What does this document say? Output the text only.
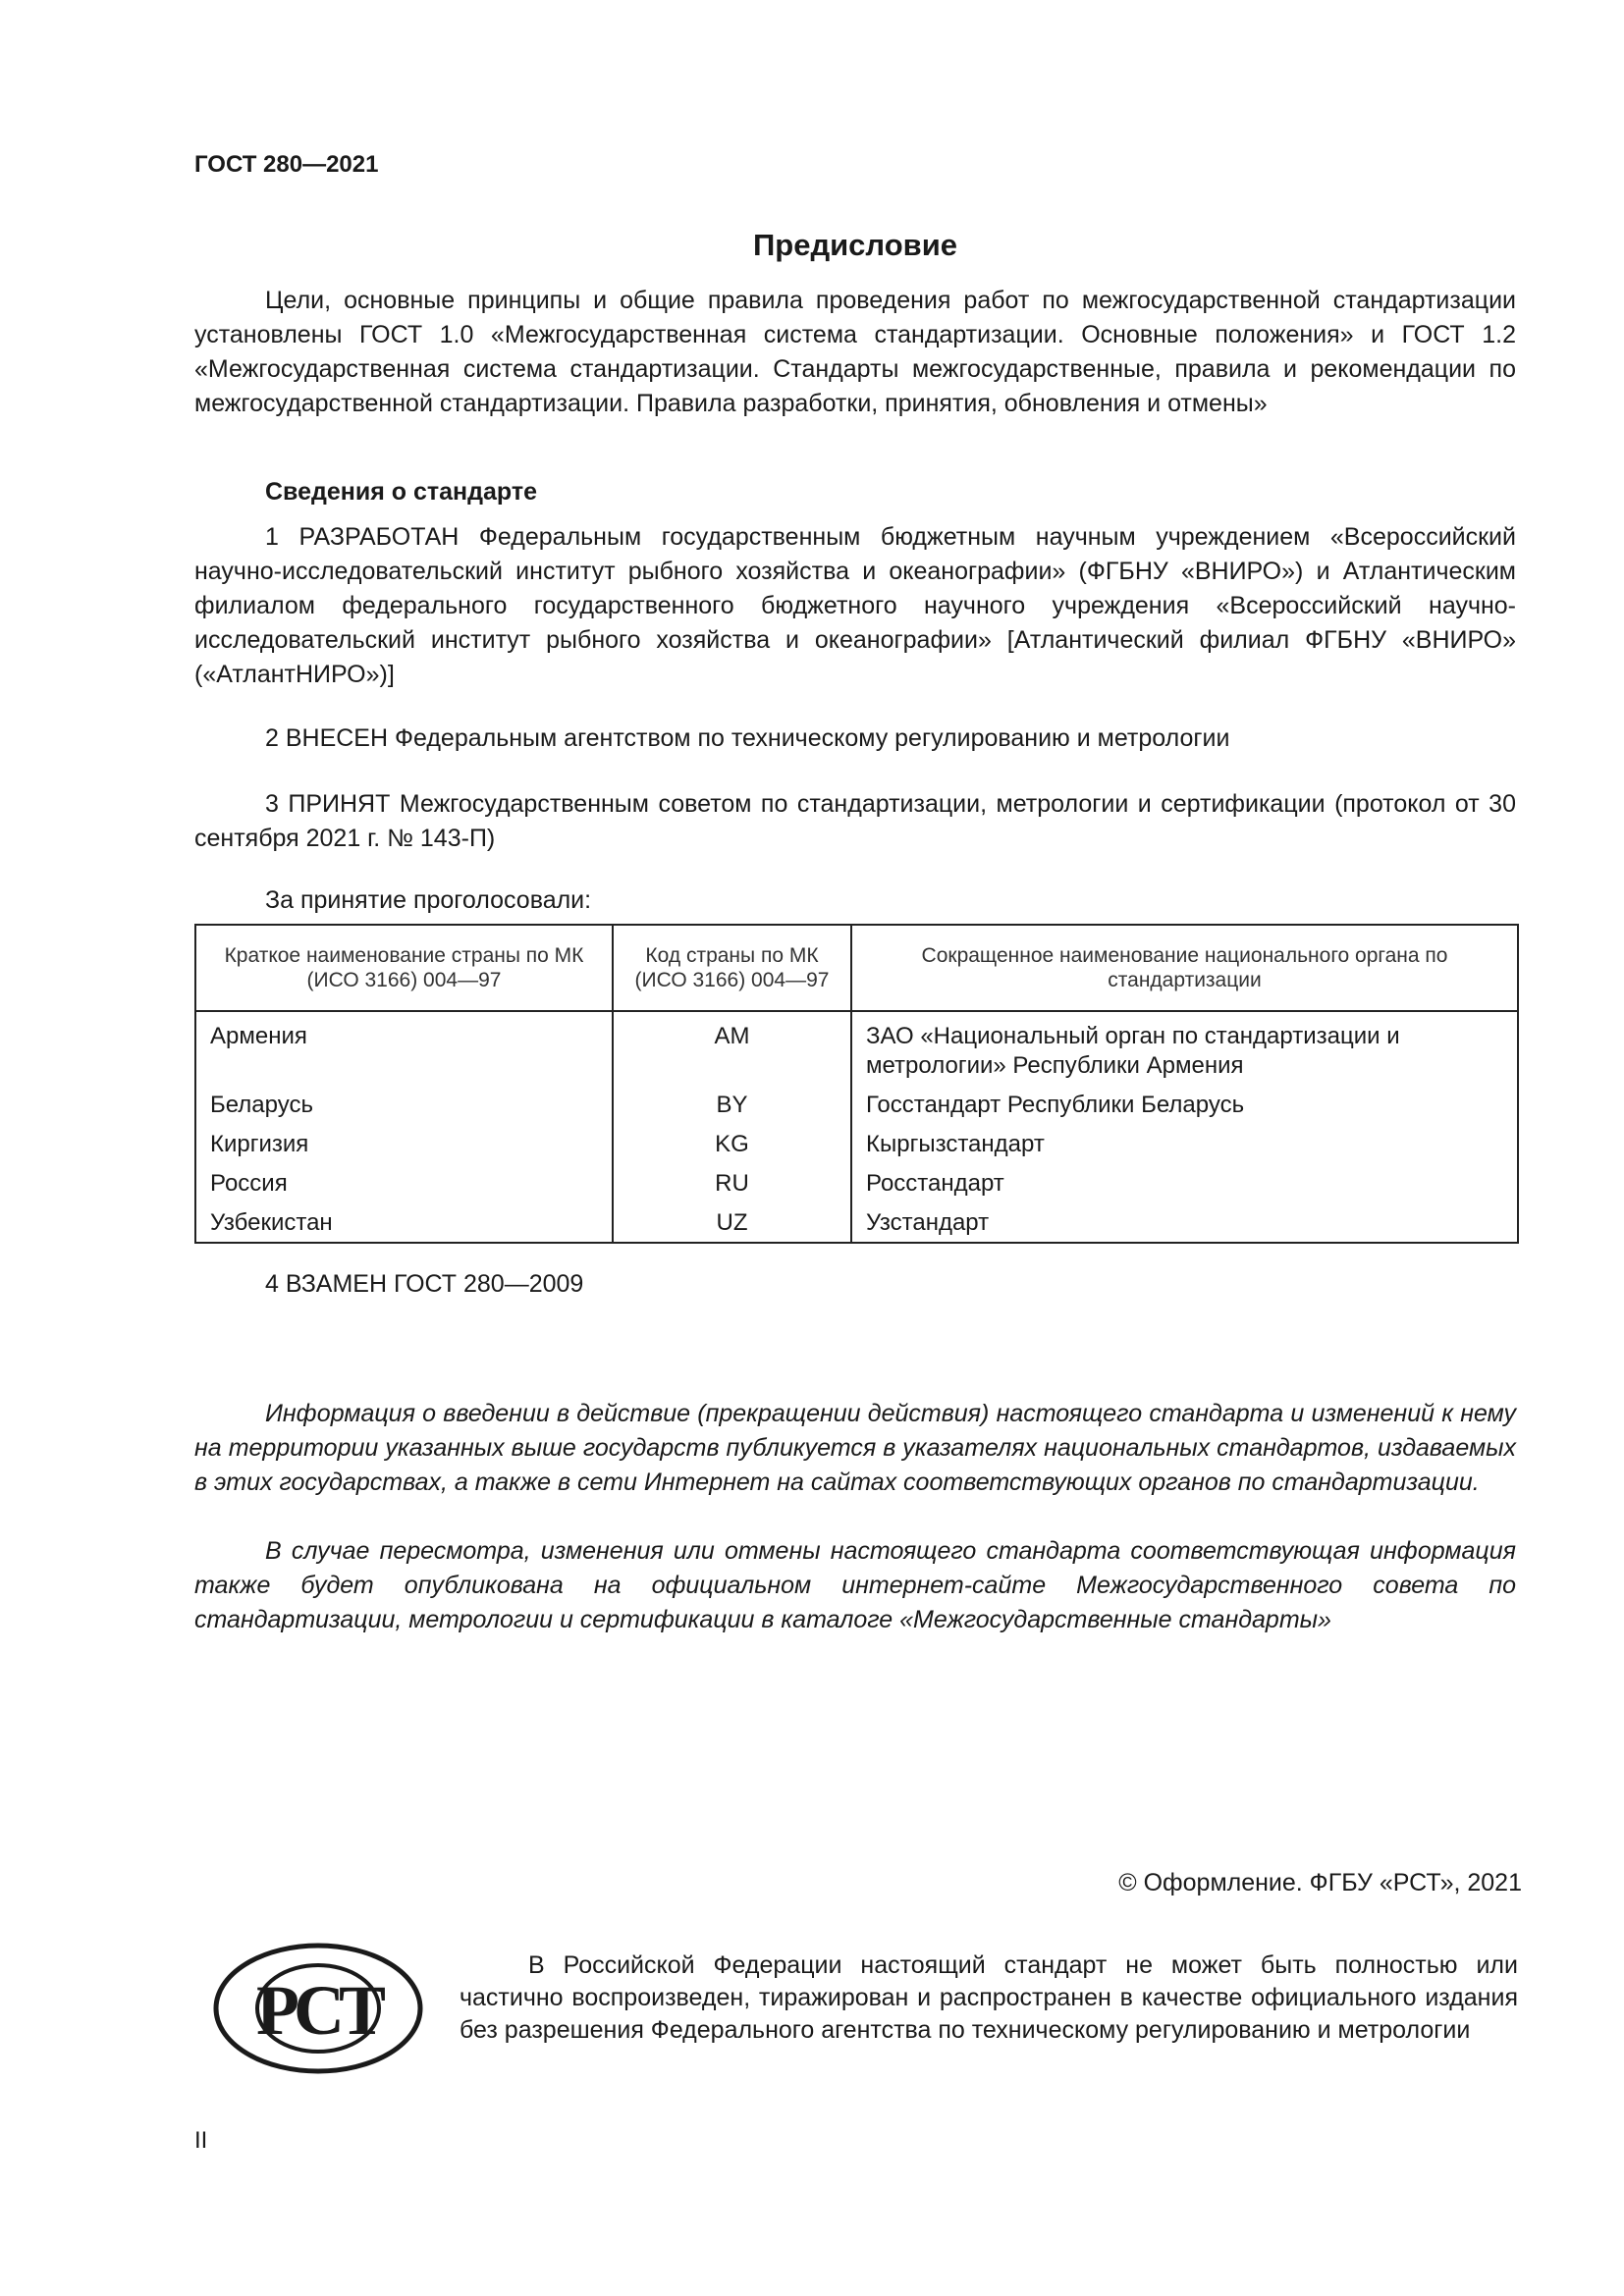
ГОСТ 280—2021
Предисловие

Цели, основные принципы и общие правила проведения работ по межгосударственной стандартизации установлены ГОСТ 1.0 «Межгосударственная система стандартизации. Основные положения» и ГОСТ 1.2 «Межгосударственная система стандартизации. Стандарты межгосударственные, правила и рекомендации по межгосударственной стандартизации. Правила разработки, принятия, обновления и отмены»

Сведения о стандарте

1 РАЗРАБОТАН Федеральным государственным бюджетным научным учреждением «Всероссийский научно-исследовательский институт рыбного хозяйства и океанографии» (ФГБНУ «ВНИРО») и Атлантическим филиалом федерального государственного бюджетного научного учреждения «Всероссийский научно-исследовательский институт рыбного хозяйства и океанографии» [Атлантический филиал ФГБНУ «ВНИРО» («АтлантНИРО»)]

2 ВНЕСЕН Федеральным агентством по техническому регулированию и метрологии

3 ПРИНЯТ Межгосударственным советом по стандартизации, метрологии и сертификации (протокол от 30 сентября 2021 г. № 143-П)

За принятие проголосовали:
Краткое наименование страны по МК (ИСО 3166) 004—97	Код страны по МК (ИСО 3166) 004—97	Сокращенное наименование национального органа по стандартизации
Армения	AM	ЗАО «Национальный орган по стандартизации и метрологии» Республики Армения
Беларусь	BY	Госстандарт Республики Беларусь
Киргизия	KG	Кыргызстандарт
Россия	RU	Росстандарт
Узбекистан	UZ	Узстандарт
4 ВЗАМЕН ГОСТ 280—2009

Информация о введении в действие (прекращении действия) настоящего стандарта и изменений к нему на территории указанных выше государств публикуется в указателях национальных стандартов, издаваемых в этих государствах, а также в сети Интернет на сайтах соответствующих органов по стандартизации.

В случае пересмотра, изменения или отмены настоящего стандарта соответствующая информация также будет опубликована на официальном интернет-сайте Межгосударственного совета по стандартизации, метрологии и сертификации в каталоге «Межгосударственные стандарты»

© Оформление. ФГБУ «РСТ», 2021
PCT

В Российской Федерации настоящий стандарт не может быть полностью или частично воспроизведен, тиражирован и распространен в качестве официального издания без разрешения Федерального агентства по техническому регулированию и метрологии

II
